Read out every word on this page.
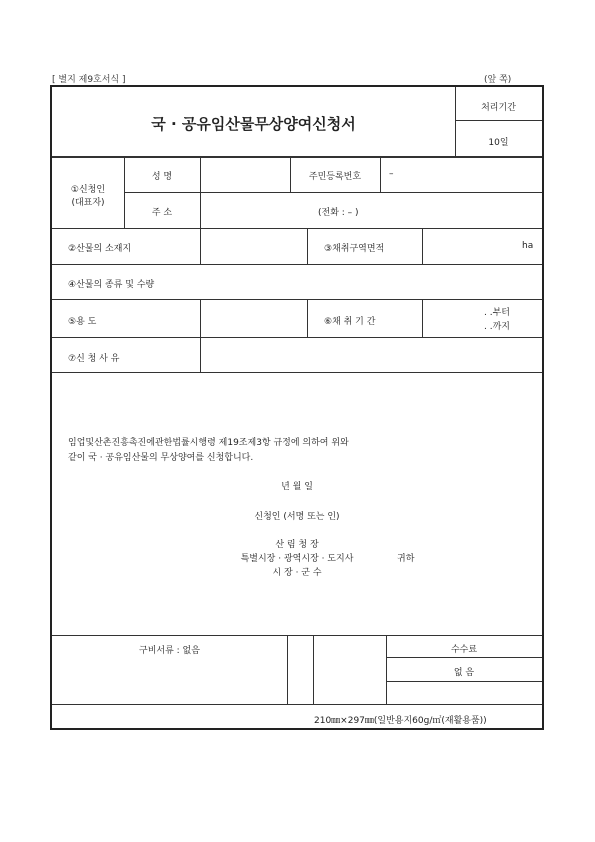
[ 별지 제9호서식 ]	(앞 쪽)
국 · 공유임산물무상양여신청서
처리기간
10일
①신청인
(대표자)
성 명	주민등록번호	–
주 소	(전화 : – )
②산물의 소재지	③채취구역면적	ha
④산물의 종류 및 수량
⑤용 도	⑥채 취 기 간
. .부터
. .까지
⑦신 청 사 유
임업및산촌진흥촉진에관한법률시행령 제19조제3항 규정에 의하여 위와
같이 국 · 공유임산물의 무상양여를 신청합니다.
년 월 일
신청인 (서명 또는 인)
산 림 청 장
특별시장 · 광역시장 · 도지사	귀하
시 장 · 군 수
구비서류 : 없음	수수료
없 음
210㎜×297㎜(일반용지60g/㎡(재활용품))
